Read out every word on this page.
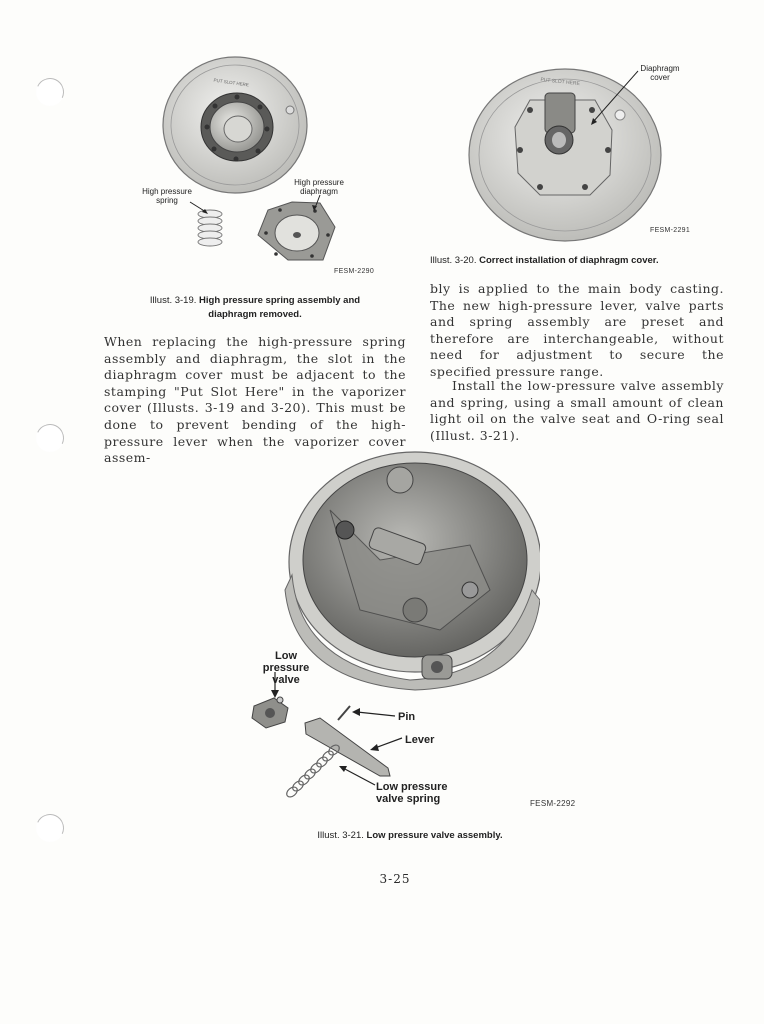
PUT SLOT HERE
High pressure spring
High pressure diaphragm
FESM-2290
Illust. 3-19. High pressure spring assembly and diaphragm removed.
PUT SLOT HERE
Diaphragm cover
FESM-2291
Illust. 3-20. Correct installation of diaphragm cover.

When replacing the high-pressure spring assembly and diaphragm, the slot in the diaphragm cover must be adjacent to the stamping "Put Slot Here" in the vaporizer cover (Illusts. 3-19 and 3-20). This must be done to prevent bending of the high-pressure lever when the vaporizer cover assem-

bly is applied to the main body casting. The new high-pressure lever, valve parts and spring assembly are preset and therefore are interchangeable, without need for adjustment to secure the specified pressure range.

Install the low-pressure valve assembly and spring, using a small amount of clean light oil on the valve seat and O-ring seal (Illust. 3-21).

Low pressure valve
Pin
Lever
Low pressure valve spring	FESM-2292
Illust. 3-21. Low pressure valve assembly.
3-25
